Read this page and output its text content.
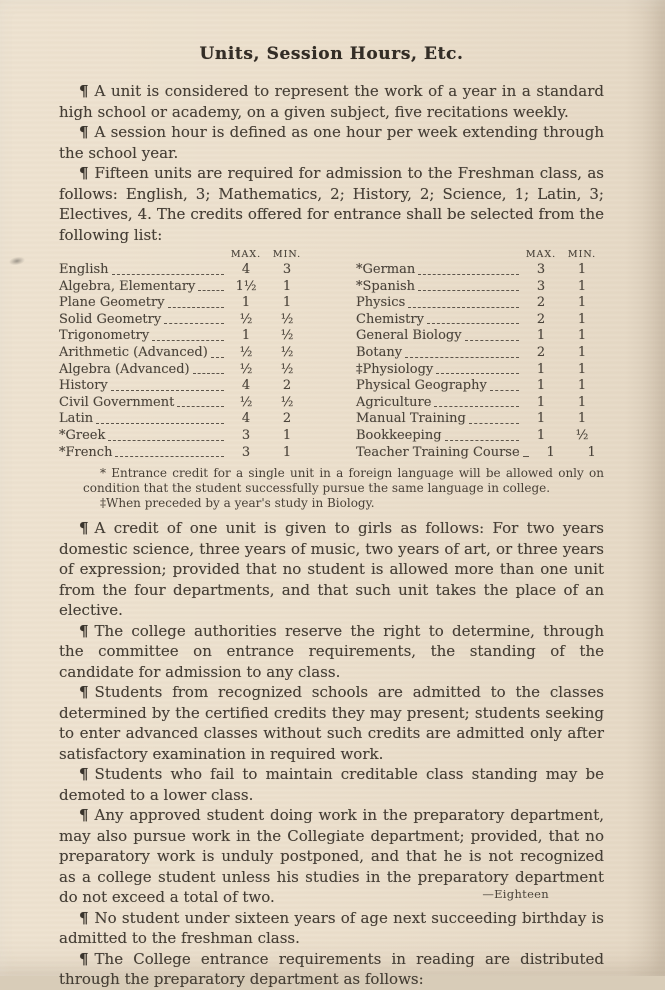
Units, Session Hours, Etc.

¶ A unit is considered to represent the work of a year in a standard high school or academy, on a given subject, five recitations weekly.

¶ A session hour is defined as one hour per week extending through the school year.

¶ Fifteen units are required for admission to the Freshman class, as follows: English, 3; Mathematics, 2; History, 2; Science, 1; Latin, 3; Electives, 4. The credits offered for entrance shall be selected from the following list:

MAX.	MIN.
English	4	3
Algebra, Elementary	1½	1
Plane Geometry	1	1
Solid Geometry	½	½
Trigonometry	1	½
Arithmetic (Advanced)	½	½
Algebra (Advanced)	½	½
History	4	2
Civil Government	½	½
Latin	4	2
*Greek	3	1
*French	3	1
MAX.	MIN.
*German	3	1
*Spanish	3	1
Physics	2	1
Chemistry	2	1
General Biology	1	1
Botany	2	1
‡Physiology	1	1
Physical Geography	1	1
Agriculture	1	1
Manual Training	1	1
Bookkeeping	1	½
Teacher Training Course	1	1

* Entrance credit for a single unit in a foreign language will be allowed only on condition that the student successfully pursue the same language in college.

‡When preceded by a year's study in Biology.

¶ A credit of one unit is given to girls as follows: For two years domestic science, three years of music, two years of art, or three years of expression; provided that no student is allowed more than one unit from the four departments, and that such unit takes the place of an elective.

¶ The college authorities reserve the right to determine, through the committee on entrance requirements, the standing of the candidate for admission to any class.

¶ Students from recognized schools are admitted to the classes determined by the certified credits they may present; students seeking to enter advanced classes without such credits are admitted only after satisfactory examination in required work.

¶ Students who fail to maintain creditable class standing may be demoted to a lower class.

¶ Any approved student doing work in the preparatory department, may also pursue work in the Collegiate department; provided, that no preparatory work is unduly postponed, and that he is not recognized as a college student unless his studies in the preparatory department do not exceed a total of two.

¶ No student under sixteen years of age next succeeding birthday is admitted to the freshman class.

¶ The College entrance requirements in reading are distributed through the preparatory department as follows:

—Eighteen
